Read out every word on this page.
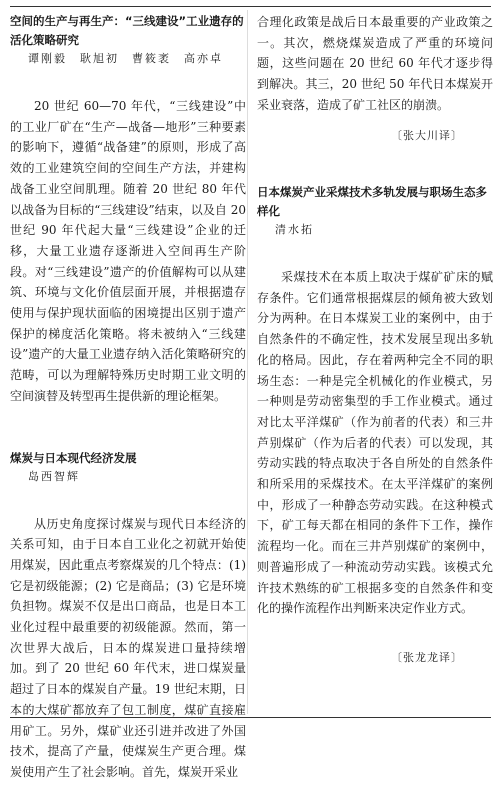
空间的生产与再生产：“三线建设”工业遗存的活化策略研究

谭刚毅　耿旭初　曹筱袤　高亦卓

20 世纪 60—70 年代，“三线建设”中的工业厂矿在“生产—战备—地形”三种要素的影响下，遵循“战备建”的原则，形成了高效的工业建筑空间的空间生产方法，并建构战备工业空间肌理。随着 20 世纪 80 年代以战备为目标的“三线建设”结束，以及自 20 世纪 90 年代起大量“三线建设”企业的迁移，大量工业遗存逐渐进入空间再生产阶段。对“三线建设”遗产的价值解构可以从建筑、环境与文化价值层面开展，并根据遗存使用与保护现状面临的困境提出区别于遗产保护的梯度活化策略。将未被纳入“三线建设”遗产的大量工业遗存纳入活化策略研究的范畴，可以为理解特殊历史时期工业文明的空间演替及转型再生提供新的理论框架。

煤炭与日本现代经济发展

岛西智辉

从历史角度探讨煤炭与现代日本经济的关系可知，由于日本自工业化之初就开始使用煤炭，因此重点考察煤炭的几个特点：(1) 它是初级能源；(2) 它是商品；(3) 它是环境负担物。煤炭不仅是出口商品，也是日本工业化过程中最重要的初级能源。然而，第一次世界大战后，日本的煤炭进口量持续增加。到了 20 世纪 60 年代末，进口煤炭量超过了日本的煤炭自产量。19 世纪末期，日本的大煤矿都放弃了包工制度，煤矿直接雇用矿工。另外，煤矿业还引进并改进了外国技术，提高了产量，使煤炭生产更合理。煤炭使用产生了社会影响。首先，煤炭开采业

合理化政策是战后日本最重要的产业政策之一。其次，燃烧煤炭造成了严重的环境问题，这些问题在 20 世纪 60 年代才逐步得到解决。其三，20 世纪 50 年代日本煤炭开采业衰落，造成了矿工社区的崩溃。

〔张大川译〕

日本煤炭产业采煤技术多轨发展与职场生态多样化

清水拓

采煤技术在本质上取决于煤矿矿床的赋存条件。它们通常根据煤层的倾角被大致划分为两种。在日本煤炭工业的案例中，由于自然条件的不确定性，技术发展呈现出多轨化的格局。因此，存在着两种完全不同的职场生态：一种是完全机械化的作业模式，另一种则是劳动密集型的手工作业模式。通过对比太平洋煤矿（作为前者的代表）和三井芦别煤矿（作为后者的代表）可以发现，其劳动实践的特点取决于各自所处的自然条件和所采用的采煤技术。在太平洋煤矿的案例中，形成了一种静态劳动实践。在这种模式下，矿工每天都在相同的条件下工作，操作流程均一化。而在三井芦别煤矿的案例中，则普遍形成了一种流动劳动实践。该模式允许技术熟练的矿工根据多变的自然条件和变化的操作流程作出判断来决定作业方式。

〔张龙龙译〕
